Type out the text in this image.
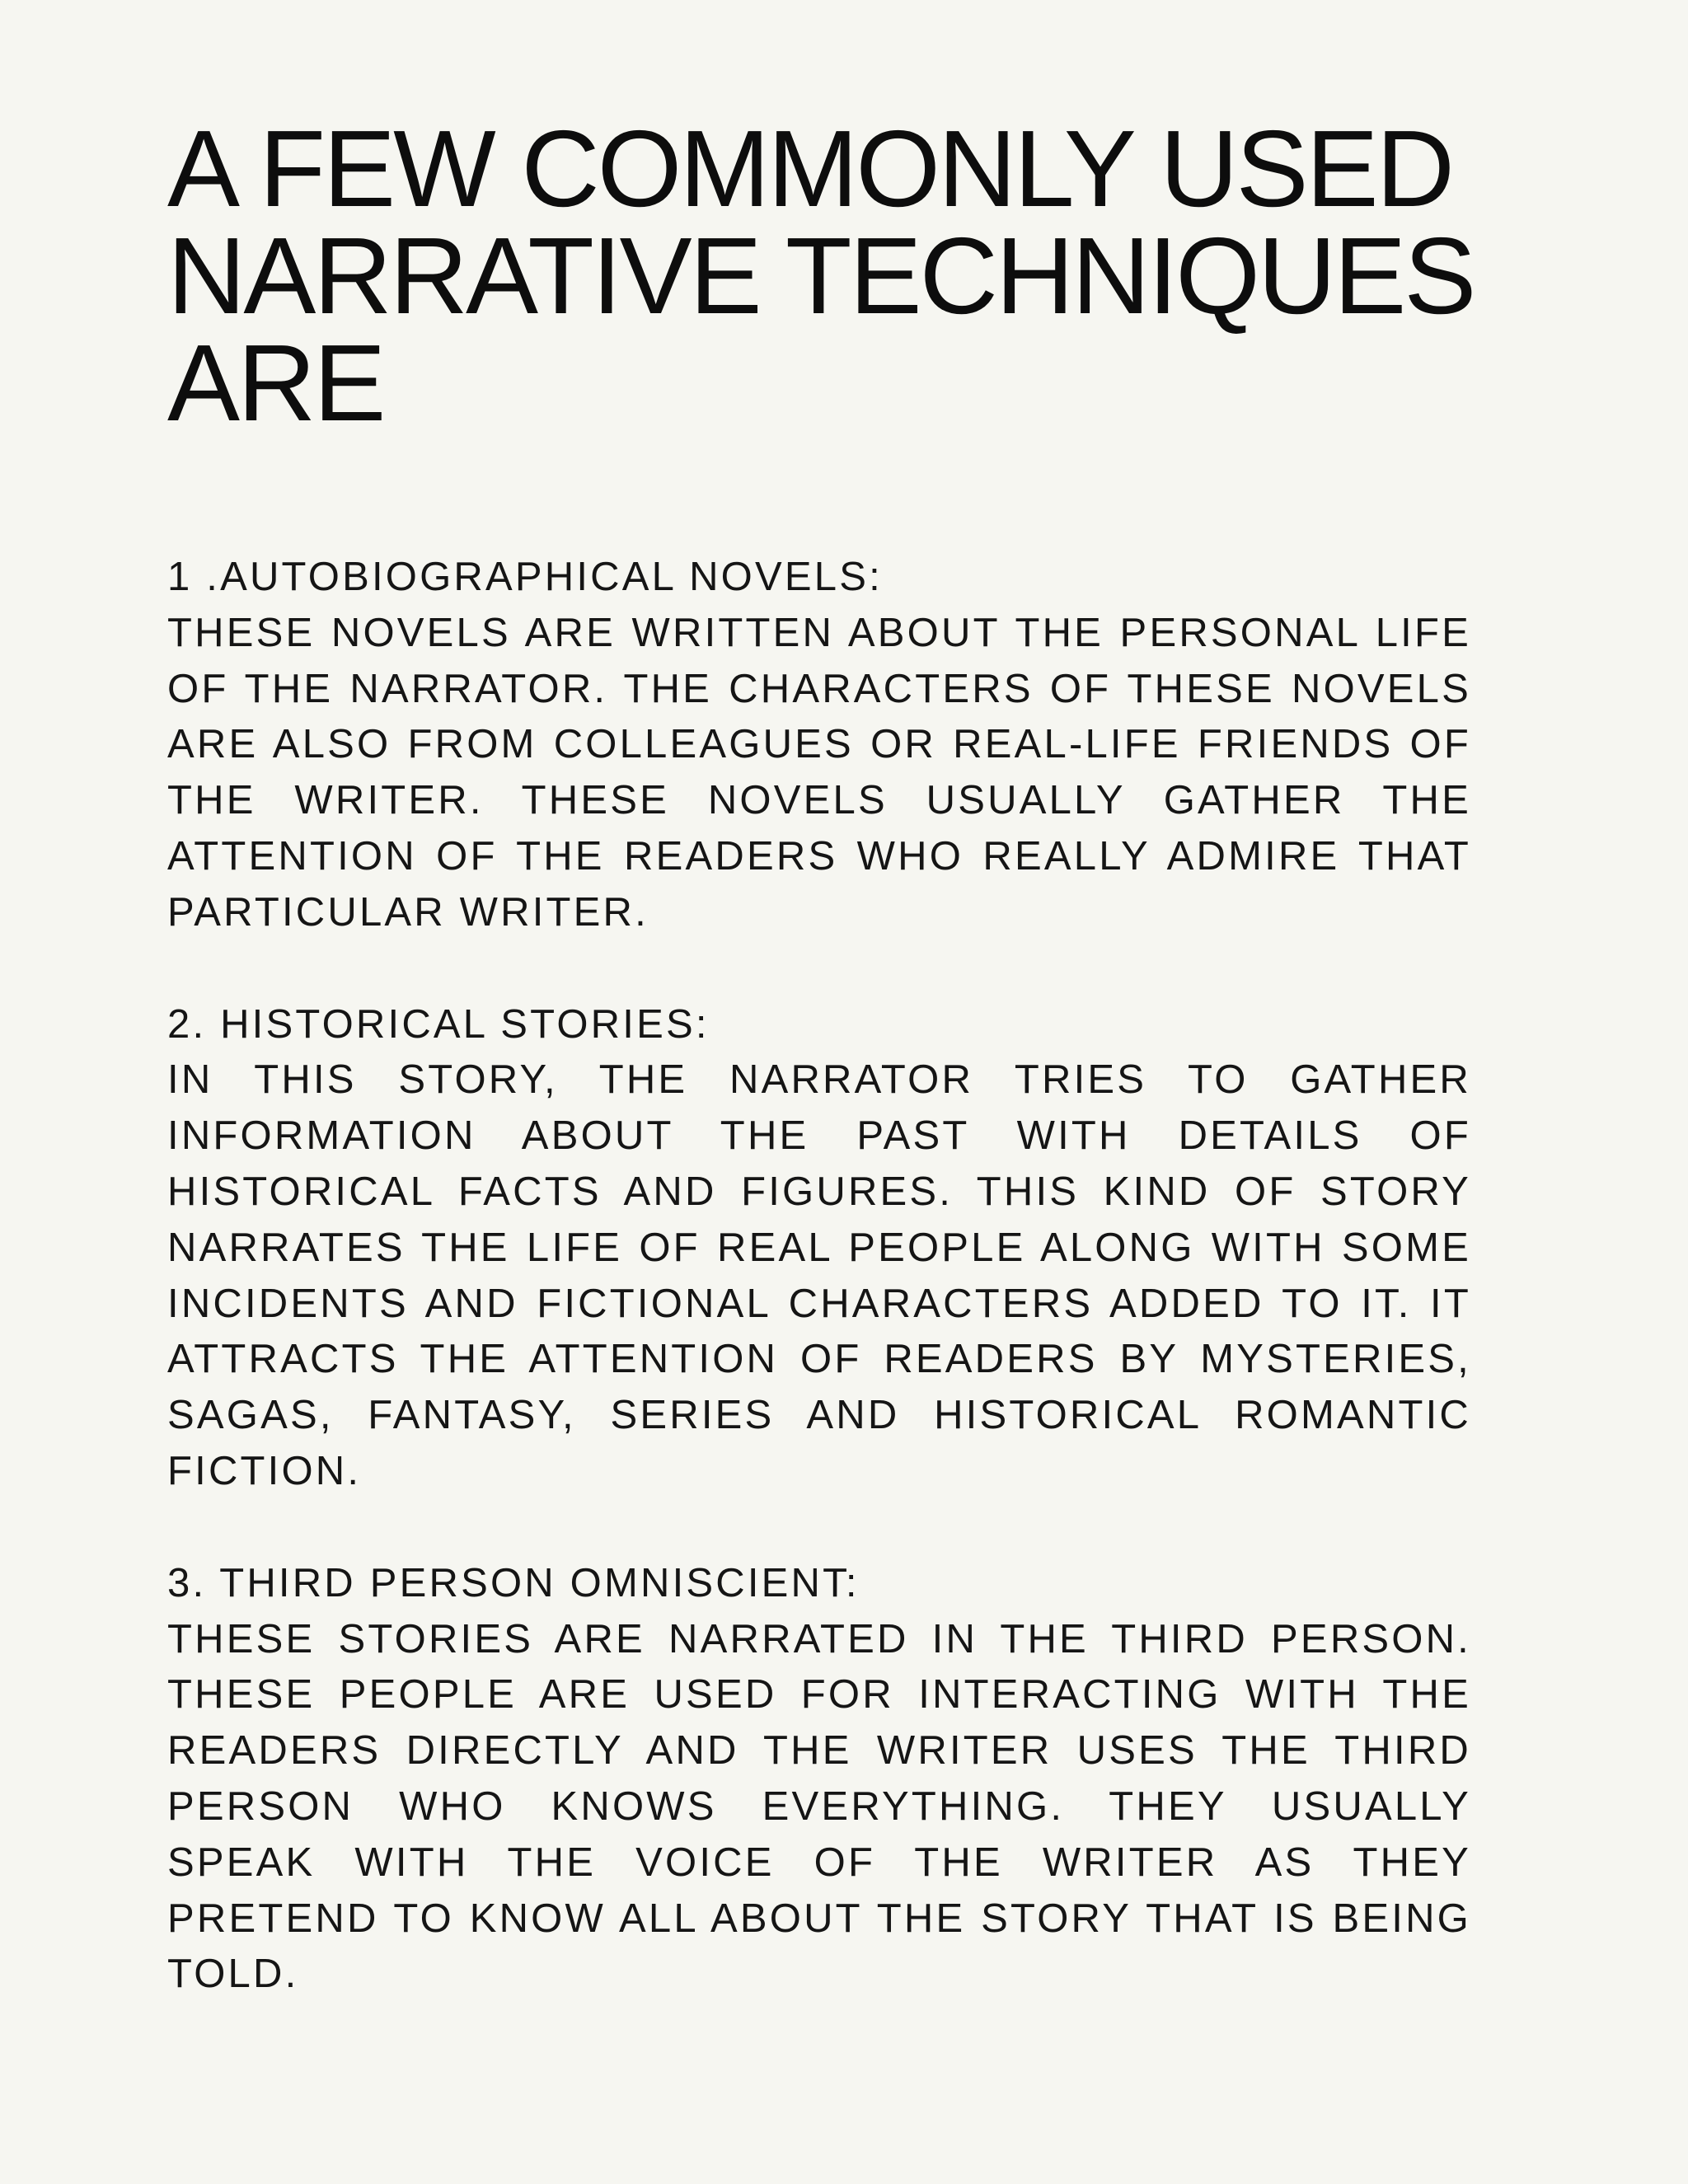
A FEW COMMONLY USED
NARRATIVE TECHNIQUES
ARE

1 .AUTOBIOGRAPHICAL NOVELS:

THESE NOVELS ARE WRITTEN ABOUT THE PERSONAL LIFE OF THE NARRATOR. THE CHARACTERS OF THESE NOVELS ARE ALSO FROM COLLEAGUES OR REAL-LIFE FRIENDS OF THE WRITER. THESE NOVELS USUALLY GATHER THE ATTENTION OF THE READERS WHO REALLY ADMIRE THAT PARTICULAR WRITER.

2. HISTORICAL STORIES:

IN THIS STORY, THE NARRATOR TRIES TO GATHER INFORMATION ABOUT THE PAST WITH DETAILS OF HISTORICAL FACTS AND FIGURES. THIS KIND OF STORY NARRATES THE LIFE OF REAL PEOPLE ALONG WITH SOME INCIDENTS AND FICTIONAL CHARACTERS ADDED TO IT. IT ATTRACTS THE ATTENTION OF READERS BY MYSTERIES, SAGAS, FANTASY, SERIES AND HISTORICAL ROMANTIC FICTION.

3. THIRD PERSON OMNISCIENT:

THESE STORIES ARE NARRATED IN THE THIRD PERSON. THESE PEOPLE ARE USED FOR INTERACTING WITH THE READERS DIRECTLY AND THE WRITER USES THE THIRD PERSON WHO KNOWS EVERYTHING. THEY USUALLY SPEAK WITH THE VOICE OF THE WRITER AS THEY PRETEND TO KNOW ALL ABOUT THE STORY THAT IS BEING TOLD.
